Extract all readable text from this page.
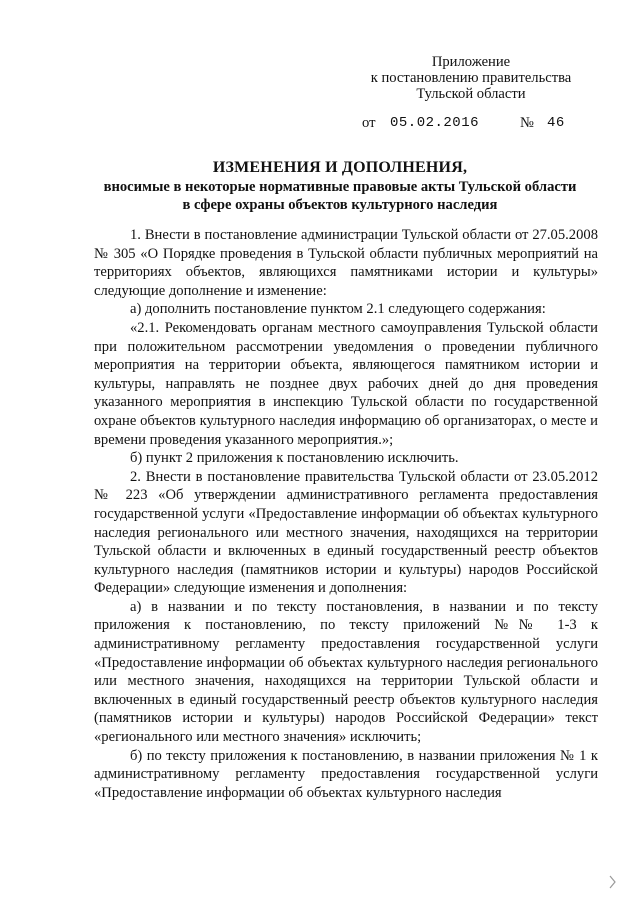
Приложение
к постановлению правительства
Тульской области
от 05.02.2016	№ 46
ИЗМЕНЕНИЯ И ДОПОЛНЕНИЯ,
вносимые в некоторые нормативные правовые акты Тульской области
в сфере охраны объектов культурного наследия

1. Внести в постановление администрации Тульской области от 27.05.2008 № 305 «О Порядке проведения в Тульской области публичных мероприятий на территориях объектов, являющихся памятниками истории и культуры» следующие дополнение и изменение:

а) дополнить постановление пунктом 2.1 следующего содержания:

«2.1. Рекомендовать органам местного самоуправления Тульской области при положительном рассмотрении уведомления о проведении публичного мероприятия на территории объекта, являющегося памятником истории и культуры, направлять не позднее двух рабочих дней до дня проведения указанного мероприятия в инспекцию Тульской области по государственной охране объектов культурного наследия информацию об организаторах, о месте и времени проведения указанного мероприятия.»;

б) пункт 2 приложения к постановлению исключить.

2. Внести в постановление правительства Тульской области от 23.05.2012 № 223 «Об утверждении административного регламента предоставления государственной услуги «Предоставление информации об объектах культурного наследия регионального или местного значения, находящихся на территории Тульской области и включенных в единый государственный реестр объектов культурного наследия (памятников истории и культуры) народов Российской Федерации» следующие изменения и дополнения:

а) в названии и по тексту постановления, в названии и по тексту приложения к постановлению, по тексту приложений №№ 1-3 к административному регламенту предоставления государственной услуги «Предоставление информации об объектах культурного наследия регионального или местного значения, находящихся на территории Тульской области и включенных в единый государственный реестр объектов культурного наследия (памятников истории и культуры) народов Российской Федерации» текст «регионального или местного значения» исключить;

б) по тексту приложения к постановлению, в названии приложения № 1 к административному регламенту предоставления государственной услуги «Предоставление информации об объектах культурного наследия
